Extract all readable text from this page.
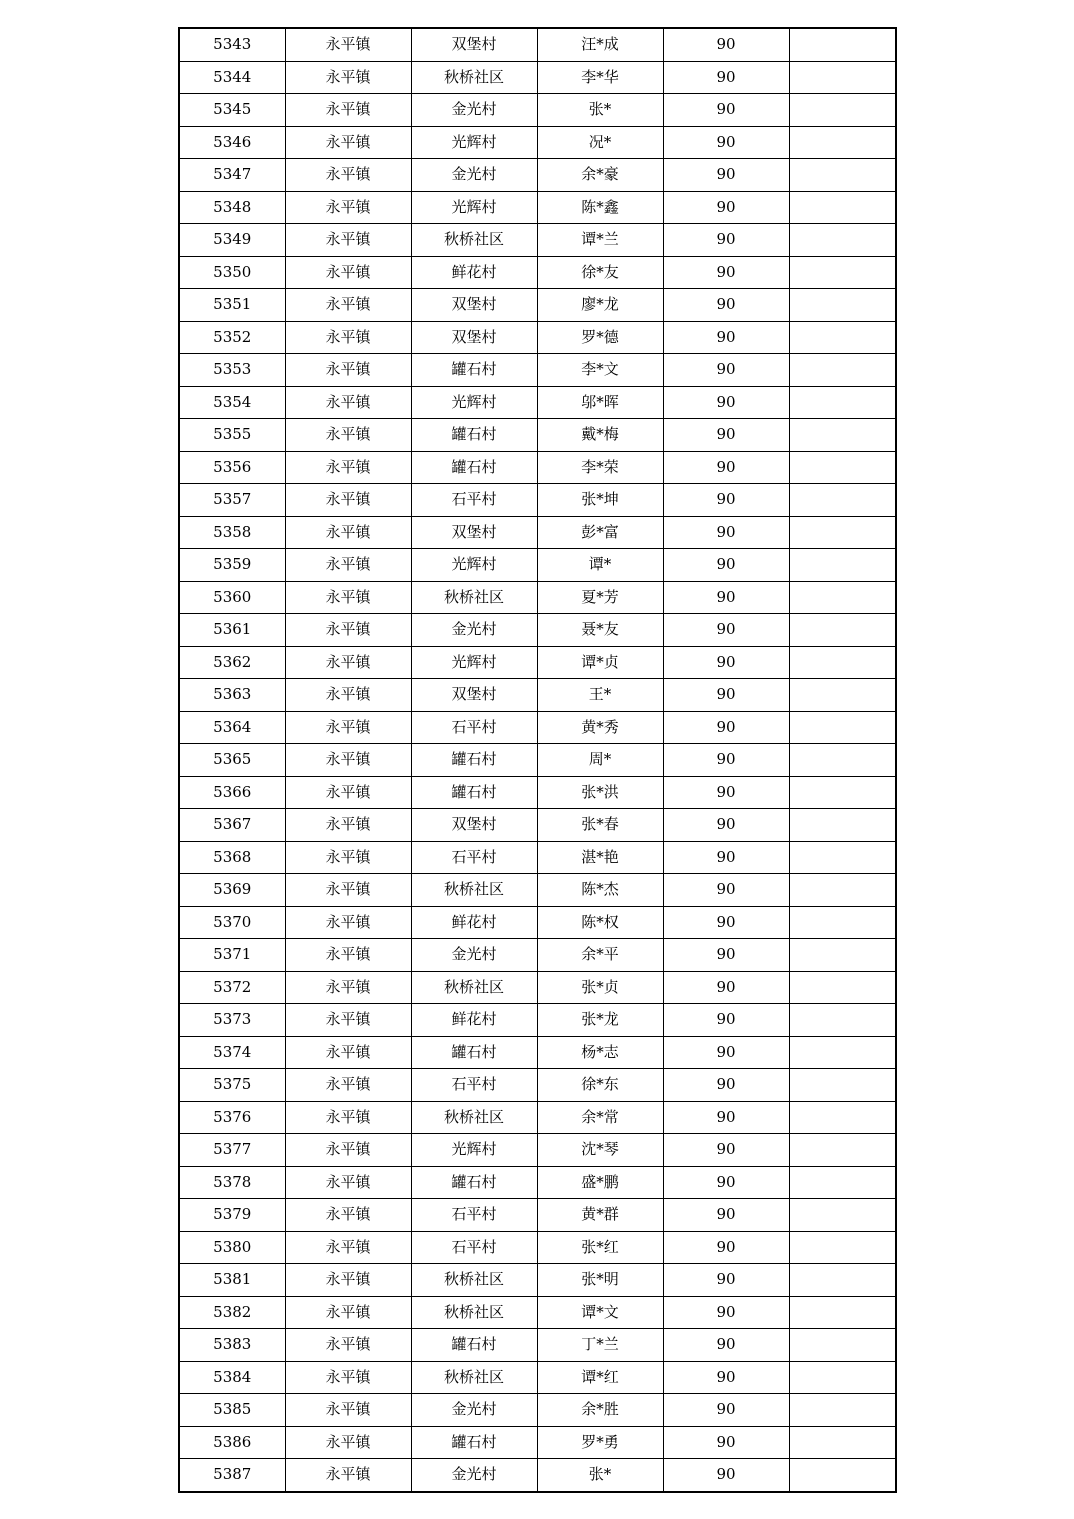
5343	永平镇	双堡村	汪*成	90	
5344	永平镇	秋桥社区	李*华	90	
5345	永平镇	金光村	张*	90	
5346	永平镇	光辉村	况*	90	
5347	永平镇	金光村	余*豪	90	
5348	永平镇	光辉村	陈*鑫	90	
5349	永平镇	秋桥社区	谭*兰	90	
5350	永平镇	鲜花村	徐*友	90	
5351	永平镇	双堡村	廖*龙	90	
5352	永平镇	双堡村	罗*德	90	
5353	永平镇	罐石村	李*文	90	
5354	永平镇	光辉村	邬*晖	90	
5355	永平镇	罐石村	戴*梅	90	
5356	永平镇	罐石村	李*荣	90	
5357	永平镇	石平村	张*坤	90	
5358	永平镇	双堡村	彭*富	90	
5359	永平镇	光辉村	谭*	90	
5360	永平镇	秋桥社区	夏*芳	90	
5361	永平镇	金光村	聂*友	90	
5362	永平镇	光辉村	谭*贞	90	
5363	永平镇	双堡村	王*	90	
5364	永平镇	石平村	黄*秀	90	
5365	永平镇	罐石村	周*	90	
5366	永平镇	罐石村	张*洪	90	
5367	永平镇	双堡村	张*春	90	
5368	永平镇	石平村	湛*艳	90	
5369	永平镇	秋桥社区	陈*杰	90	
5370	永平镇	鲜花村	陈*权	90	
5371	永平镇	金光村	余*平	90	
5372	永平镇	秋桥社区	张*贞	90	
5373	永平镇	鲜花村	张*龙	90	
5374	永平镇	罐石村	杨*志	90	
5375	永平镇	石平村	徐*东	90	
5376	永平镇	秋桥社区	余*常	90	
5377	永平镇	光辉村	沈*琴	90	
5378	永平镇	罐石村	盛*鹏	90	
5379	永平镇	石平村	黄*群	90	
5380	永平镇	石平村	张*红	90	
5381	永平镇	秋桥社区	张*明	90	
5382	永平镇	秋桥社区	谭*文	90	
5383	永平镇	罐石村	丁*兰	90	
5384	永平镇	秋桥社区	谭*红	90	
5385	永平镇	金光村	余*胜	90	
5386	永平镇	罐石村	罗*勇	90	
5387	永平镇	金光村	张*	90	
